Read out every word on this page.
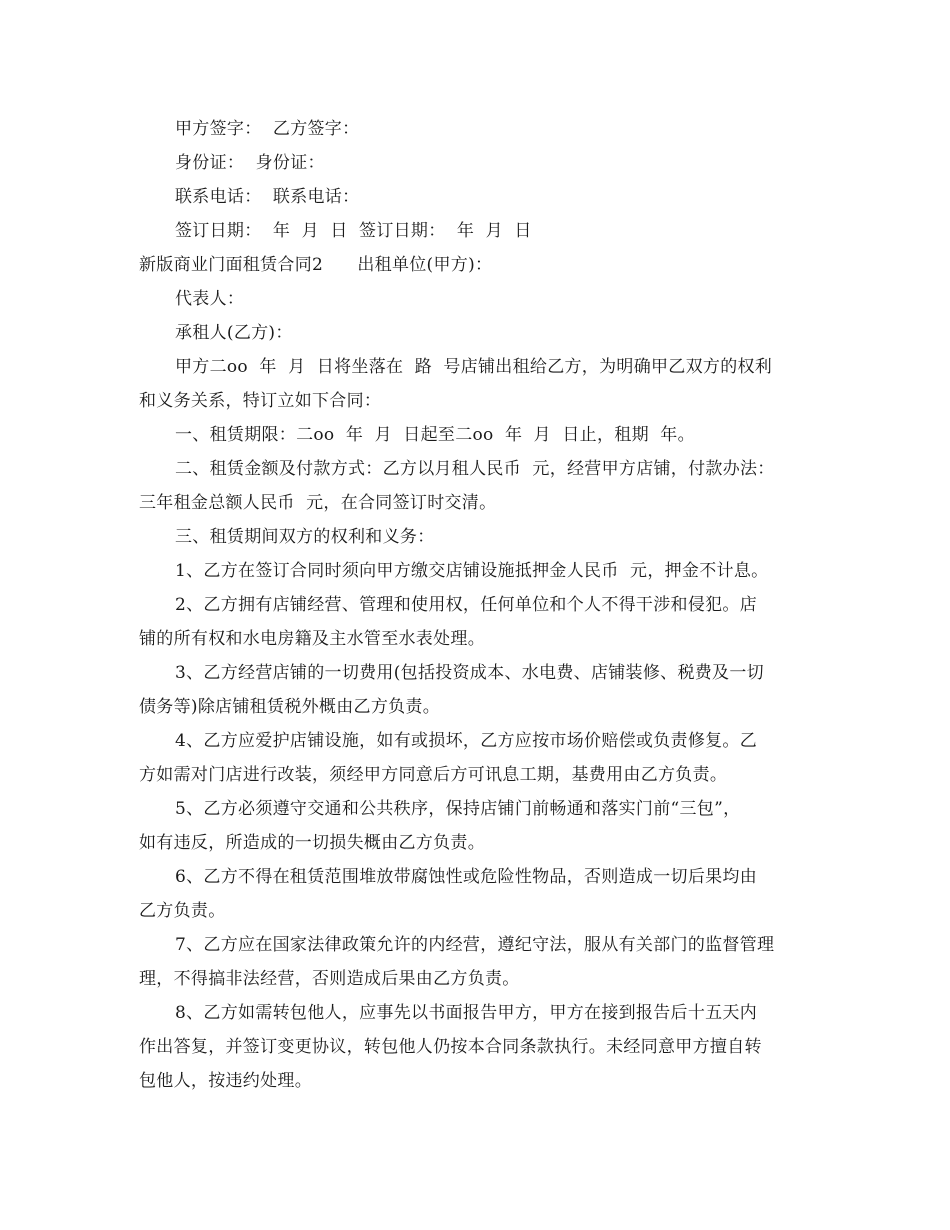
甲方签字：  乙方签字：
身份证：  身份证：
联系电话：  联系电话：
签订日期：  年  月  日  签订日期：  年  月  日
新版商业门面租赁合同2      出租单位(甲方)：
代表人：
承租人(乙方)：
甲方二oo  年  月  日将坐落在  路  号店铺出租给乙方，为明确甲乙双方的权利
和义务关系，特订立如下合同：
一、租赁期限：二oo  年  月  日起至二oo  年  月  日止，租期  年。
二、租赁金额及付款方式：乙方以月租人民币  元，经营甲方店铺，付款办法：
三年租金总额人民币  元，在合同签订时交清。
三、租赁期间双方的权利和义务：
1、乙方在签订合同时须向甲方缴交店铺设施抵押金人民币  元，押金不计息。
2、乙方拥有店铺经营、管理和使用权，任何单位和个人不得干涉和侵犯。店
铺的所有权和水电房籍及主水管至水表处理。
3、乙方经营店铺的一切费用(包括投资成本、水电费、店铺装修、税费及一切
债务等)除店铺租赁税外概由乙方负责。
4、乙方应爱护店铺设施，如有或损坏，乙方应按市场价赔偿或负责修复。乙
方如需对门店进行改装，须经甲方同意后方可讯息工期，基费用由乙方负责。
5、乙方必须遵守交通和公共秩序，保持店铺门前畅通和落实门前“三包”，
如有违反，所造成的一切损失概由乙方负责。
6、乙方不得在租赁范围堆放带腐蚀性或危险性物品，否则造成一切后果均由
乙方负责。
7、乙方应在国家法律政策允许的内经营，遵纪守法，服从有关部门的监督管理
理，不得搞非法经营，否则造成后果由乙方负责。
8、乙方如需转包他人，应事先以书面报告甲方，甲方在接到报告后十五天内
作出答复，并签订变更协议，转包他人仍按本合同条款执行。未经同意甲方擅自转
包他人，按违约处理。
